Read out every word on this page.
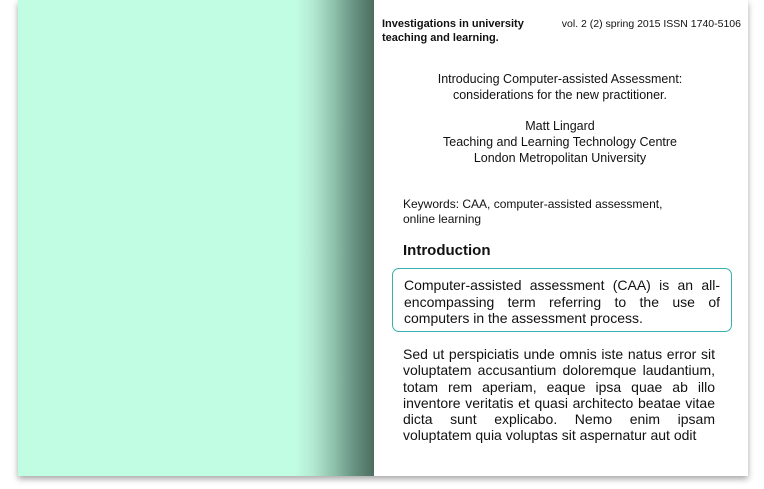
Investigations in university
teaching and learning.
vol. 2 (2) spring 2015 ISSN 1740-5106
Introducing Computer-assisted Assessment:
considerations for the new practitioner.
Matt Lingard
Teaching and Learning Technology Centre
London Metropolitan University
Keywords: CAA, computer-assisted assessment,
online learning
Introduction
Computer-assisted assessment (CAA) is an all-encompassing term referring to the use of computers in the assessment process.
Sed ut perspiciatis unde omnis iste natus error sit voluptatem accusantium doloremque laudantium, totam rem aperiam, eaque ipsa quae ab illo inventore veritatis et quasi architecto beatae vitae dicta sunt explicabo. Nemo enim ipsam voluptatem quia voluptas sit aspernatur aut odit
